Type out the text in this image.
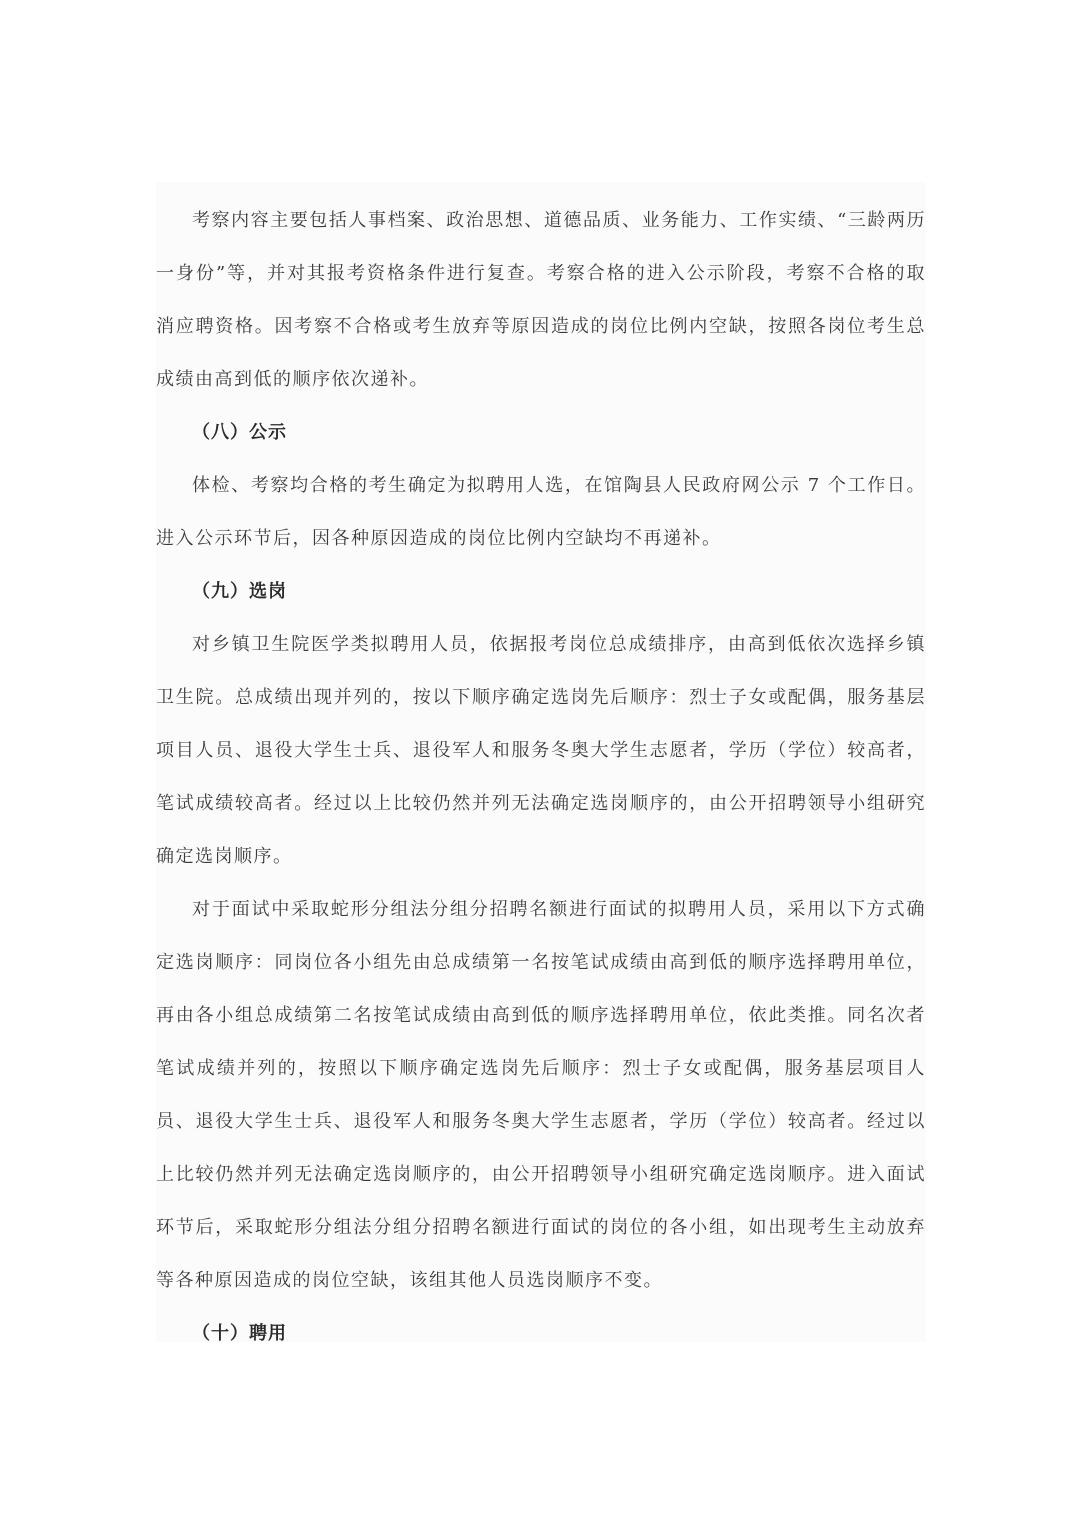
考察内容主要包括人事档案、政治思想、道德品质、业务能力、工作实绩、“三龄两历一身份”等，并对其报考资格条件进行复查。考察合格的进入公示阶段，考察不合格的取消应聘资格。因考察不合格或考生放弃等原因造成的岗位比例内空缺，按照各岗位考生总成绩由高到低的顺序依次递补。

（八）公示

体检、考察均合格的考生确定为拟聘用人选，在馆陶县人民政府网公示 7 个工作日。进入公示环节后，因各种原因造成的岗位比例内空缺均不再递补。

（九）选岗

对乡镇卫生院医学类拟聘用人员，依据报考岗位总成绩排序，由高到低依次选择乡镇卫生院。总成绩出现并列的，按以下顺序确定选岗先后顺序：烈士子女或配偶，服务基层项目人员、退役大学生士兵、退役军人和服务冬奥大学生志愿者，学历（学位）较高者，笔试成绩较高者。经过以上比较仍然并列无法确定选岗顺序的，由公开招聘领导小组研究确定选岗顺序。

对于面试中采取蛇形分组法分组分招聘名额进行面试的拟聘用人员，采用以下方式确定选岗顺序：同岗位各小组先由总成绩第一名按笔试成绩由高到低的顺序选择聘用单位，再由各小组总成绩第二名按笔试成绩由高到低的顺序选择聘用单位，依此类推。同名次者笔试成绩并列的，按照以下顺序确定选岗先后顺序：烈士子女或配偶，服务基层项目人员、退役大学生士兵、退役军人和服务冬奥大学生志愿者，学历（学位）较高者。经过以上比较仍然并列无法确定选岗顺序的，由公开招聘领导小组研究确定选岗顺序。进入面试环节后，采取蛇形分组法分组分招聘名额进行面试的岗位的各小组，如出现考生主动放弃等各种原因造成的岗位空缺，该组其他人员选岗顺序不变。

（十）聘用
